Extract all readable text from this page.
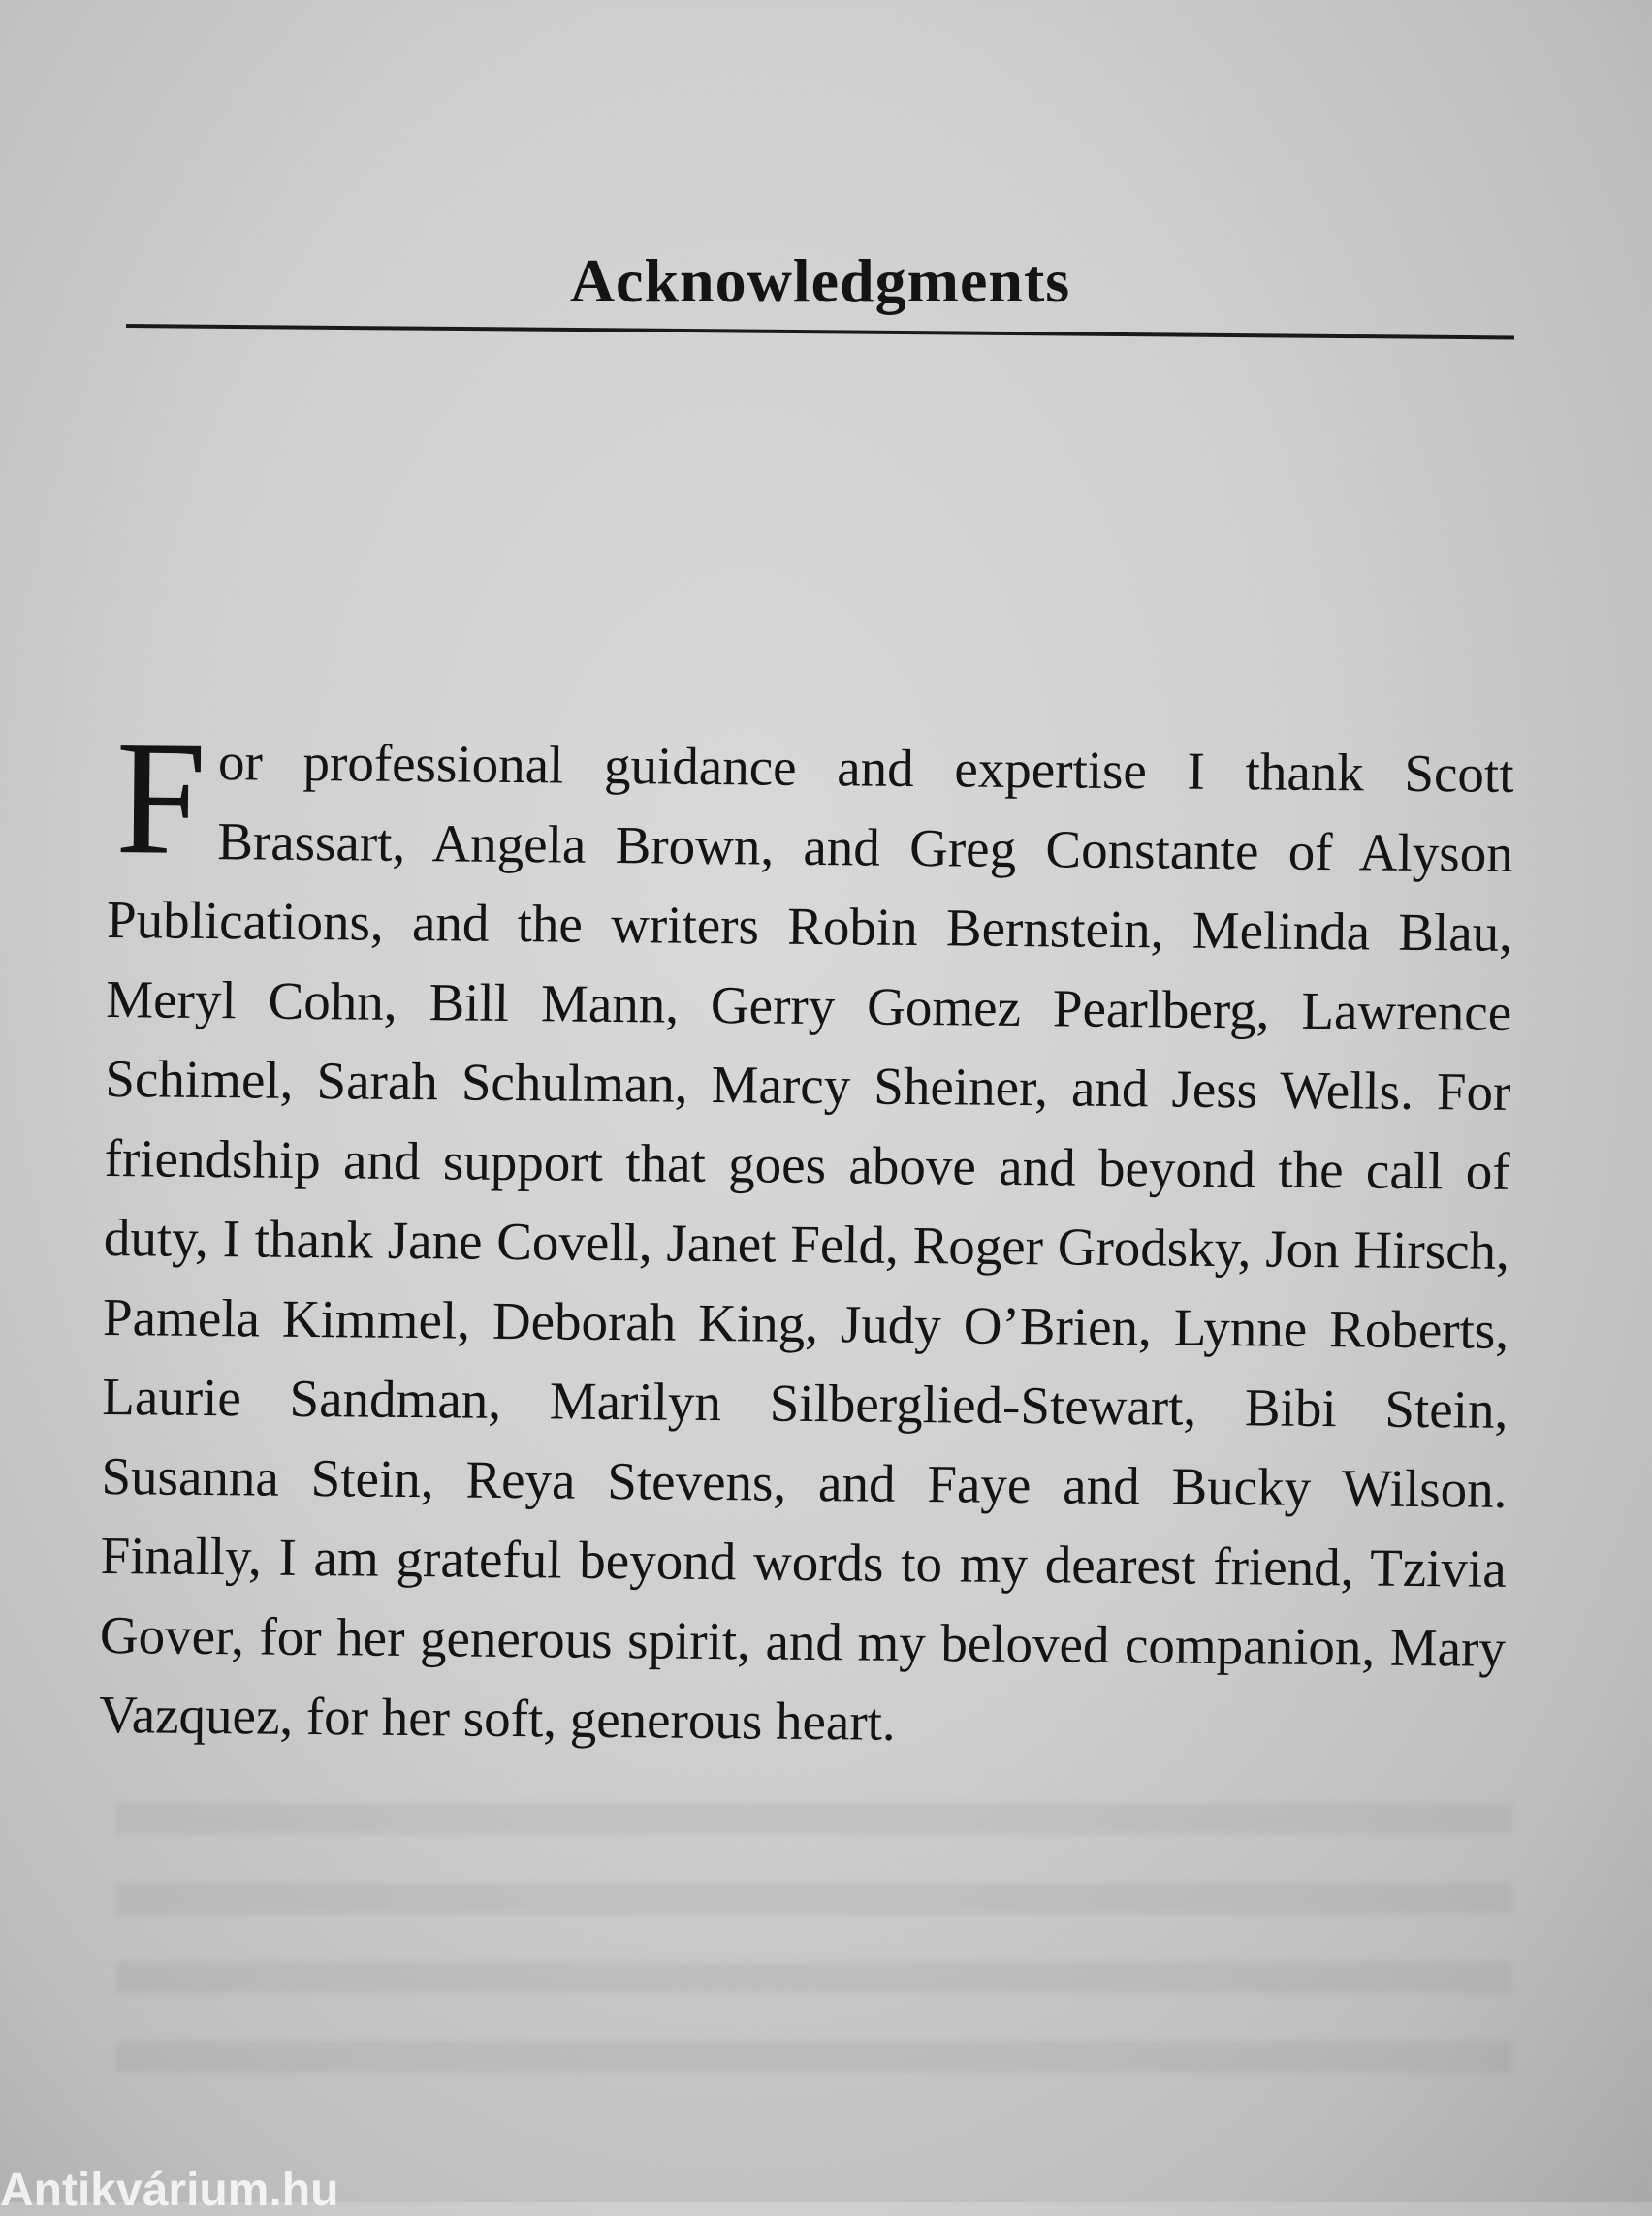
Acknowledgments
For professional guidance and expertise I thank Scott Brassart, Angela Brown, and Greg Constante of Alyson Publications, and the writers Robin Bernstein, Melinda Blau, Meryl Cohn, Bill Mann, Gerry Gomez Pearlberg, Lawrence Schimel, Sarah Schulman, Marcy Sheiner, and Jess Wells. For friendship and support that goes above and beyond the call of duty, I thank Jane Covell, Janet Feld, Roger Grodsky, Jon Hirsch, Pamela Kimmel, Deborah King, Judy O’Brien, Lynne Roberts, Laurie Sandman, Marilyn Silberglied-Stewart, Bibi Stein, Susanna Stein, Reya Stevens, and Faye and Bucky Wilson. Finally, I am grateful beyond words to my dearest friend, Tzivia Gover, for her generous spirit, and my beloved companion, Mary Vazquez, for her soft, generous heart.
Antikvárium.hu
